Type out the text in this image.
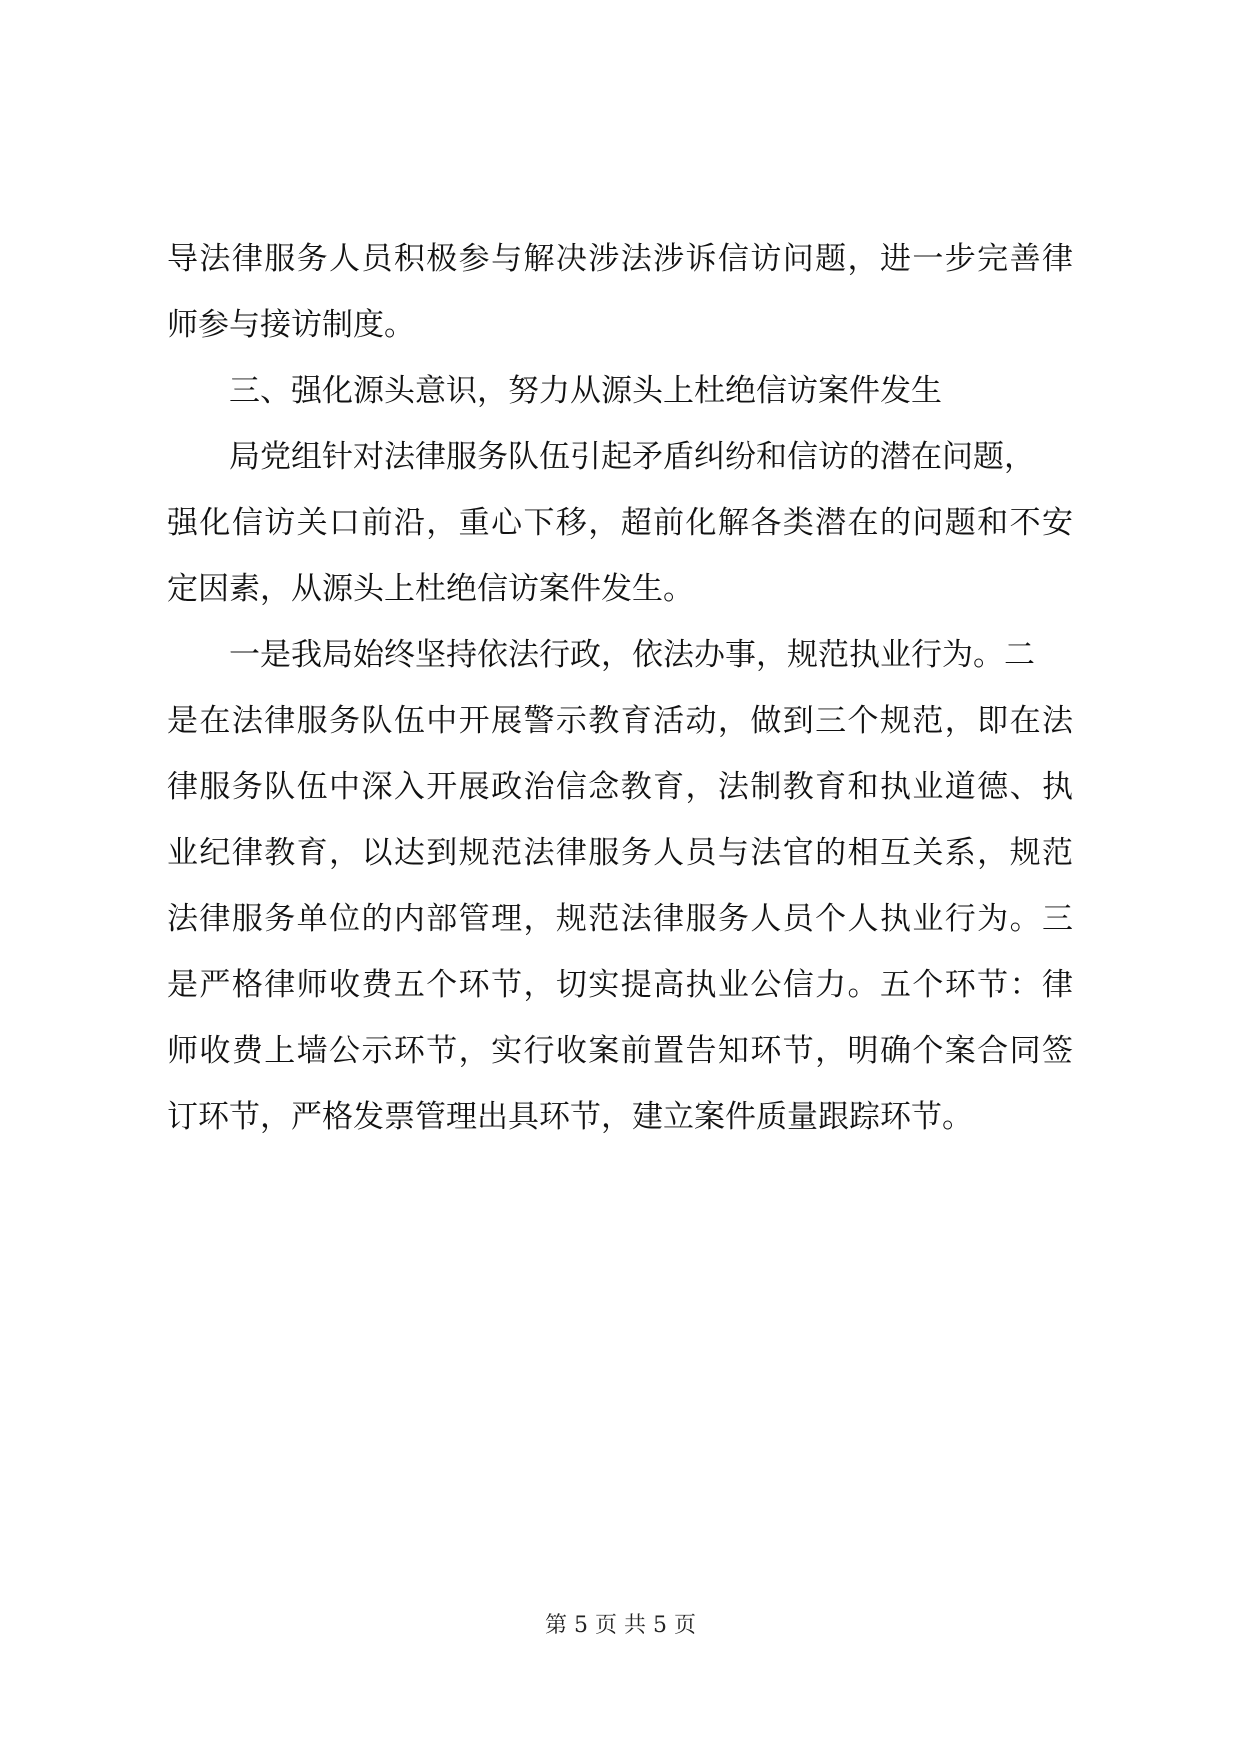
导法律服务人员积极参与解决涉法涉诉信访问题，进一步完善律
师参与接访制度。
三、强化源头意识，努力从源头上杜绝信访案件发生
局党组针对法律服务队伍引起矛盾纠纷和信访的潜在问题，
强化信访关口前沿，重心下移，超前化解各类潜在的问题和不安
定因素，从源头上杜绝信访案件发生。
一是我局始终坚持依法行政，依法办事，规范执业行为。二
是在法律服务队伍中开展警示教育活动，做到三个规范，即在法
律服务队伍中深入开展政治信念教育，法制教育和执业道德、执
业纪律教育，以达到规范法律服务人员与法官的相互关系，规范
法律服务单位的内部管理，规范法律服务人员个人执业行为。三
是严格律师收费五个环节，切实提高执业公信力。五个环节：律
师收费上墙公示环节，实行收案前置告知环节，明确个案合同签
订环节，严格发票管理出具环节，建立案件质量跟踪环节。
第 5 页 共 5 页
